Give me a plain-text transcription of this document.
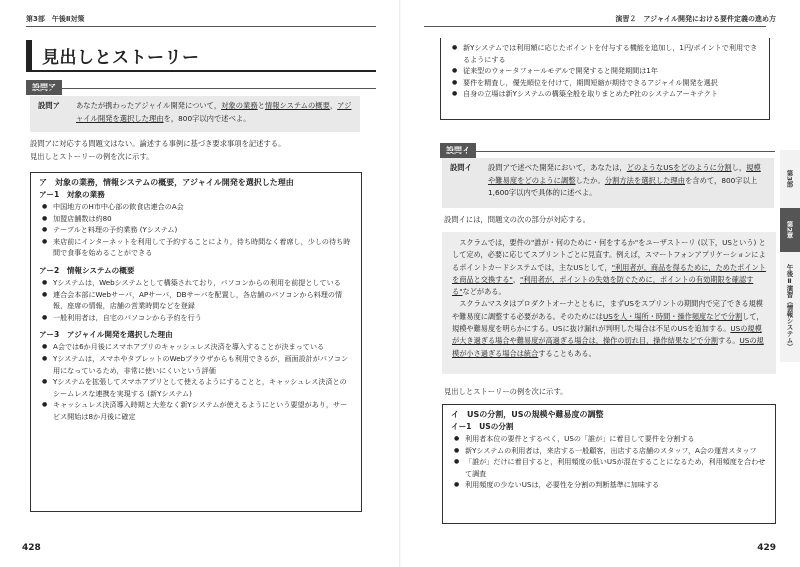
第3部　午後Ⅱ対策
見出しとストーリー
設問ア あなたが携わったアジャイル開発について，対象の業務と情報システムの概要，アジャイル開発を選択した理由を，800字以内で述べよ。
設問アに対応する問題文はない。論述する事例に基づき要求事項を記述する。
見出しとストーリーの例を次に示す。
ア　対象の業務，情報システムの概要，アジャイル開発を選択した理由
アー1　対象の業務
● 中国地方のH市中心部の飲食店連合のA会
● 加盟店舗数は約80
● テーブルと料理の予約業務 (Yシステム)
● 来店前にインターネットを利用して予約することにより，待ち時間なく着席し，少しの待ち時間で食事を始めることができる
アー2　情報システムの概要
● Yシステムは，Webシステムとして構築されており，パソコンからの利用を前提としている
● 連合会本部にWebサーバ，APサーバ，DBサーバを配置し，各店舗のパソコンから料理の情報，座席の情報，店舗の営業時間などを登録
● 一般利用者は，自宅のパソコンから予約を行う
アー3　アジャイル開発を選択した理由
● A会では6か月後にスマホアプリのキャッシュレス決済を導入することが決まっている
● Yシステムは，スマホやタブレットのWebブラウザからも利用できるが，画面設計がパソコン用になっているため，非常に使いにくいという評価
● Yシステムを拡張してスマホアプリとして使えるようにすることと，キャッシュレス決済とのシームレスな連携を実現する (新Yシステム)
● キャッシュレス決済導入時期と大差なく新Yシステムが使えるようにという要望があり，サービス開始は8か月後に確定
428
演習２　アジャイル開発における要件定義の進め方
● 新Yシステムでは利用額に応じたポイントを付与する機能を追加し，1円/ポイントで利用できるようにする
● 従来型のウォータフォールモデルで開発すると開発期間は1年
● 要件を精査し，優先順位を付けて，期間短縮が期待できるアジャイル開発を選択
● 自身の立場は新Yシステムの構築全般を取りまとめたP社のシステムアーキテクト
設問イ 設問アで述べた開発において，あなたは，どのようなUSをどのように分割し，規模や難易度をどのように調整したか。分割方法を選択した理由を含めて，800字以上1,600字以内で具体的に述べよ。
設問イには，問題文の次の部分が対応する。

スクラムでは，要件の"誰が・何のために・何をするか"をユーザストーリ (以下，USという) として定め，必要に応じてスプリントごとに見直す。例えば，スマートフォンアプリケーションによるポイントカードシステムでは，主なUSとして，"利用者が，商品を得るために，ためたポイントを商品と交換する"，"利用者が，ポイントの失効を防ぐために，ポイントの有効期限を確認する"などがある。

スクラムマスタはプロダクトオーナとともに，まずUSをスプリントの期間内で完了できる規模や難易度に調整する必要がある。そのためにはUSを人・場所・時間・操作頻度などで分割して，規模や難易度を明らかにする。USに抜け漏れが判明した場合は不足のUSを追加する。USの規模が大き過ぎる場合や難易度が高過ぎる場合は，操作の切れ目，操作結果などで分割する。USの規模が小さ過ぎる場合は統合することもある。

見出しとストーリーの例を次に示す。
イ　USの分割，USの規模や難易度の調整
イー1　USの分割
● 利用者本位の要件とするべく，USの「誰が」に着目して要件を分割する
● 新Yシステムの利用者は，来店する一般顧客，出店する店舗のスタッフ，A会の運営スタッフ
● 「誰が」だけに着目すると，利用頻度の低いUSが混在することになるため，利用頻度を合わせて調査
● 利用頻度の少ないUSは，必要性を分割の判断基準に加味する
429
第3部
第2章
午後Ⅱ演習（情報システム）
